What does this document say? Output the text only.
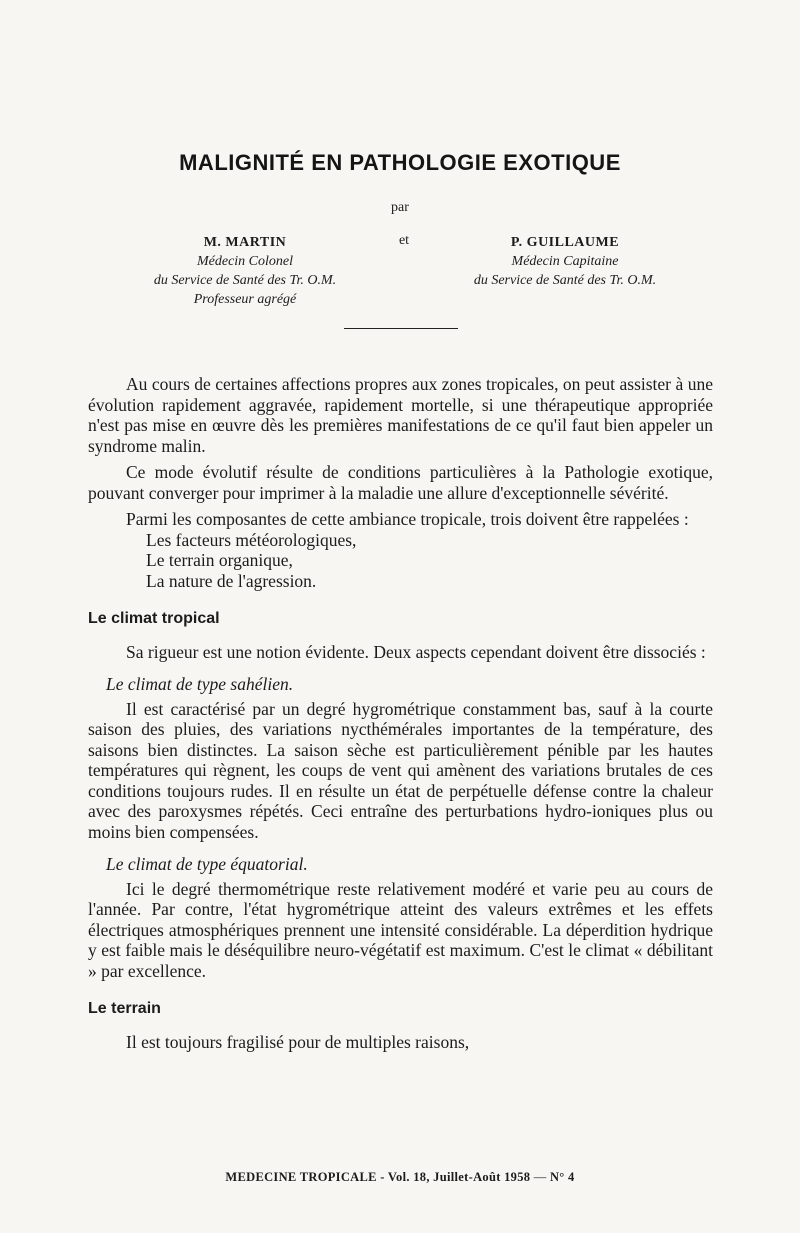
MALIGNITÉ EN PATHOLOGIE EXOTIQUE
par
M. MARTIN
Médecin Colonel
du Service de Santé des Tr. O.M.
Professeur agrégé
et	P. GUILLAUME
Médecin Capitaine
du Service de Santé des Tr. O.M.

Au cours de certaines affections propres aux zones tropicales, on peut assister à une évolution rapidement aggravée, rapidement mortelle, si une thérapeutique appropriée n'est pas mise en œuvre dès les premières manifestations de ce qu'il faut bien appeler un syndrome malin.

Ce mode évolutif résulte de conditions particulières à la Pathologie exotique, pouvant converger pour imprimer à la maladie une allure d'exceptionnelle sévérité.

Parmi les composantes de cette ambiance tropicale, trois doivent être rappelées :

Les facteurs météorologiques,
Le terrain organique,
La nature de l'agression.
Le climat tropical

Sa rigueur est une notion évidente. Deux aspects cependant doivent être dissociés :

Le climat de type sahélien.

Il est caractérisé par un degré hygrométrique constamment bas, sauf à la courte saison des pluies, des variations nycthémérales importantes de la température, des saisons bien distinctes. La saison sèche est particulièrement pénible par les hautes températures qui règnent, les coups de vent qui amènent des variations brutales de ces conditions toujours rudes. Il en résulte un état de perpétuelle défense contre la chaleur avec des paroxysmes répétés. Ceci entraîne des perturbations hydro-ioniques plus ou moins bien compensées.

Le climat de type équatorial.

Ici le degré thermométrique reste relativement modéré et varie peu au cours de l'année. Par contre, l'état hygrométrique atteint des valeurs extrêmes et les effets électriques atmosphériques prennent une intensité considérable. La déperdition hydrique y est faible mais le déséquilibre neuro-végétatif est maximum. C'est le climat « débilitant » par excellence.

Le terrain

Il est toujours fragilisé pour de multiples raisons,

MEDECINE TROPICALE - Vol. 18, Juillet-Août 1958 — N° 4
